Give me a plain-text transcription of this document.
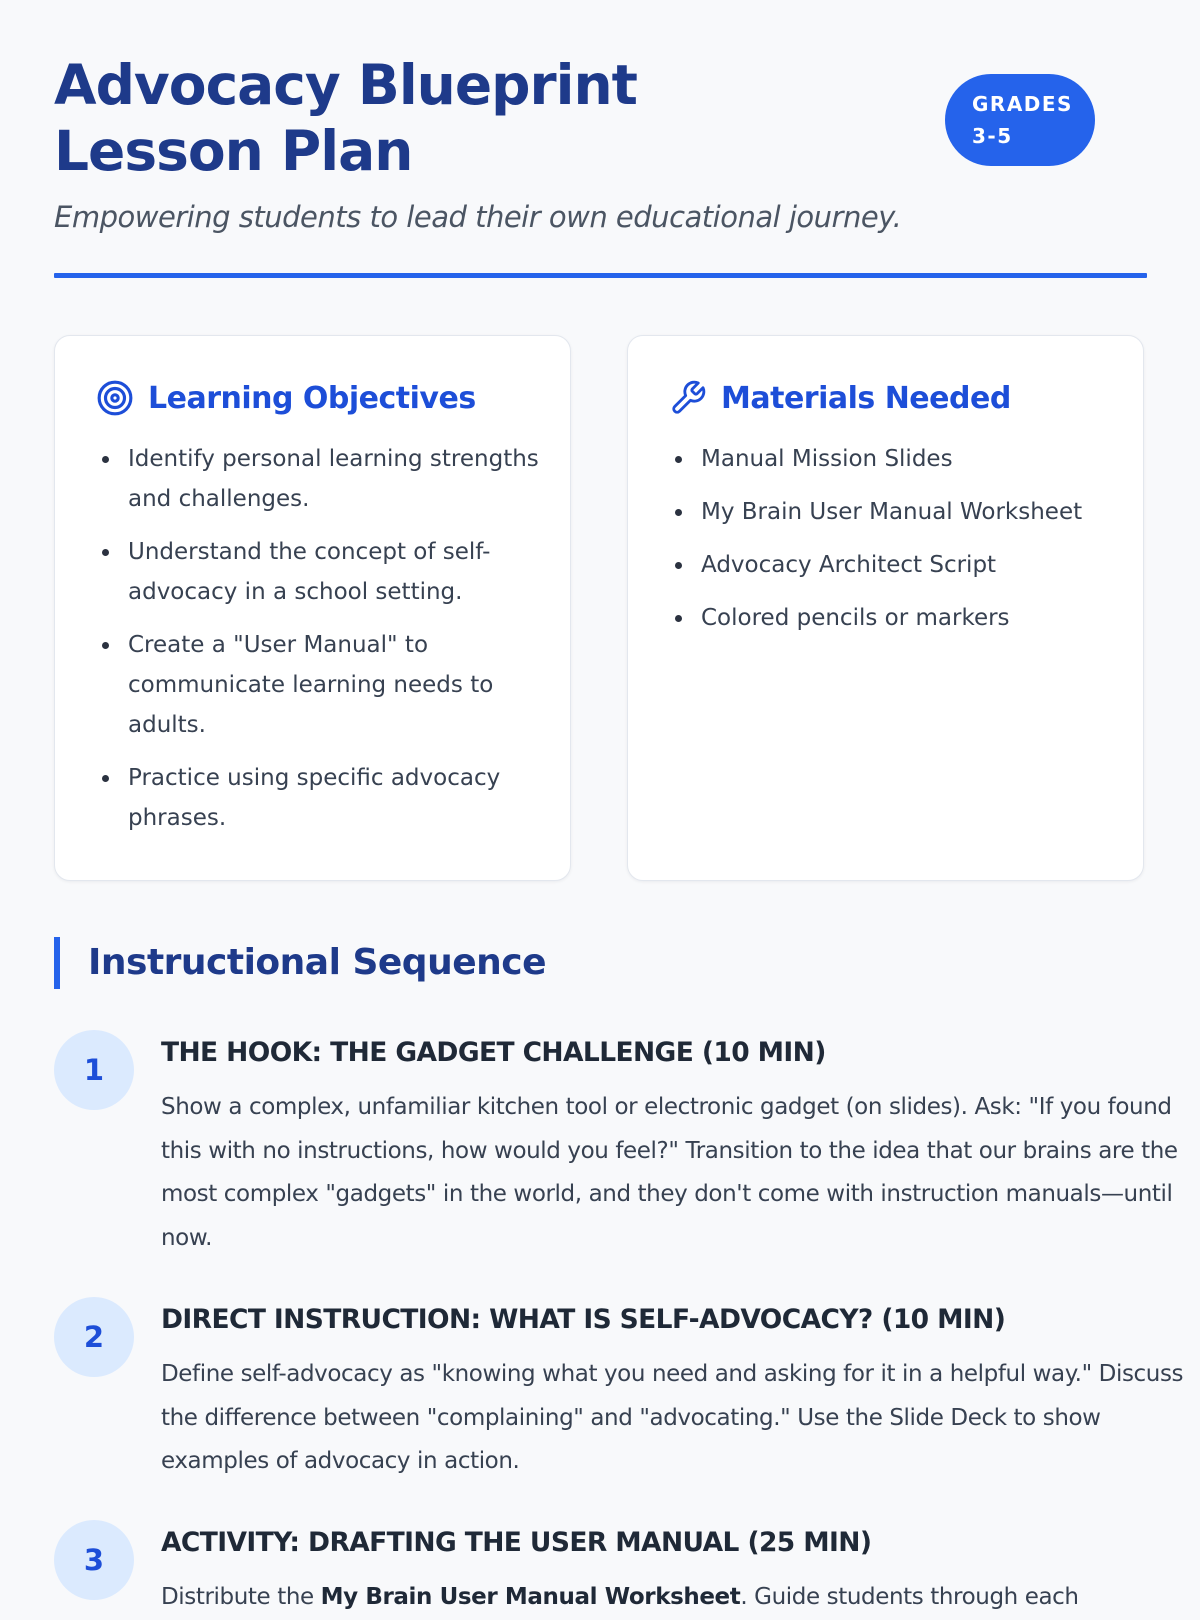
Advocacy Blueprint Lesson Plan
GRADES 3-5

Empowering students to lead their own educational journey.

Learning Objectives
Identify personal learning strengths and challenges.
Understand the concept of self-advocacy in a school setting.
Create a "User Manual" to communicate learning needs to adults.
Practice using specific advocacy phrases.
Materials Needed
Manual Mission Slides
My Brain User Manual Worksheet
Advocacy Architect Script
Colored pencils or markers
Instructional Sequence
1
THE HOOK: THE GADGET CHALLENGE (10 MIN)

Show a complex, unfamiliar kitchen tool or electronic gadget (on slides). Ask: "If you found this with no instructions, how would you feel?" Transition to the idea that our brains are the most complex "gadgets" in the world, and they don't come with instruction manuals—until now.

2
DIRECT INSTRUCTION: WHAT IS SELF-ADVOCACY? (10 MIN)

Define self-advocacy as "knowing what you need and asking for it in a helpful way." Discuss the difference between "complaining" and "advocating." Use the Slide Deck to show examples of advocacy in action.

3
ACTIVITY: DRAFTING THE USER MANUAL (25 MIN)

Distribute the My Brain User Manual Worksheet. Guide students through each
